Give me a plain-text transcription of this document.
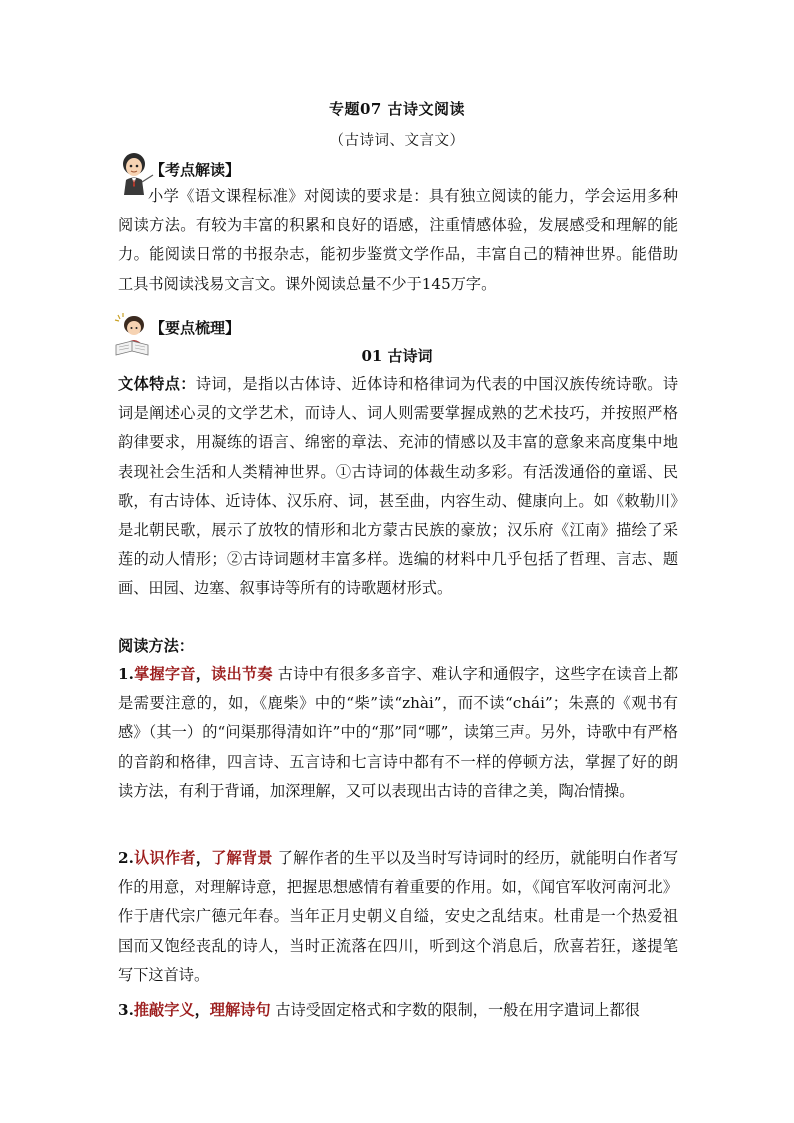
专题07 古诗文阅读
（古诗词、文言文）
【考点解读】
小学《语文课程标准》对阅读的要求是：具有独立阅读的能力，学会运用多种阅读方法。有较为丰富的积累和良好的语感，注重情感体验，发展感受和理解的能力。能阅读日常的书报杂志，能初步鉴赏文学作品，丰富自己的精神世界。能借助工具书阅读浅易文言文。课外阅读总量不少于145万字。
【要点梳理】
01 古诗词
文体特点：诗词，是指以古体诗、近体诗和格律词为代表的中国汉族传统诗歌。诗词是阐述心灵的文学艺术，而诗人、词人则需要掌握成熟的艺术技巧，并按照严格韵律要求，用凝练的语言、绵密的章法、充沛的情感以及丰富的意象来高度集中地表现社会生活和人类精神世界。①古诗词的体裁生动多彩。有活泼通俗的童谣、民歌，有古诗体、近诗体、汉乐府、词，甚至曲，内容生动、健康向上。如《敕勒川》是北朝民歌，展示了放牧的情形和北方蒙古民族的豪放；汉乐府《江南》描绘了采莲的动人情形；②古诗词题材丰富多样。选编的材料中几乎包括了哲理、言志、题画、田园、边塞、叙事诗等所有的诗歌题材形式。
阅读方法：
1.掌握字音，读出节奏 古诗中有很多多音字、难认字和通假字，这些字在读音上都是需要注意的，如，《鹿柴》中的“柴”读“zhài”，而不读“chái”；朱熹的《观书有感》（其一）的“问渠那得清如许”中的“那”同“哪”，读第三声。另外，诗歌中有严格的音韵和格律，四言诗、五言诗和七言诗中都有不一样的停顿方法，掌握了好的朗读方法，有利于背诵，加深理解，又可以表现出古诗的音律之美，陶冶情操。
2.认识作者，了解背景 了解作者的生平以及当时写诗词时的经历，就能明白作者写作的用意，对理解诗意，把握思想感情有着重要的作用。如，《闻官军收河南河北》作于唐代宗广德元年春。当年正月史朝义自缢，安史之乱结束。杜甫是一个热爱祖国而又饱经丧乱的诗人，当时正流落在四川，听到这个消息后，欣喜若狂，遂提笔写下这首诗。
3.推敲字义，理解诗句 古诗受固定格式和字数的限制，一般在用字遣词上都很
